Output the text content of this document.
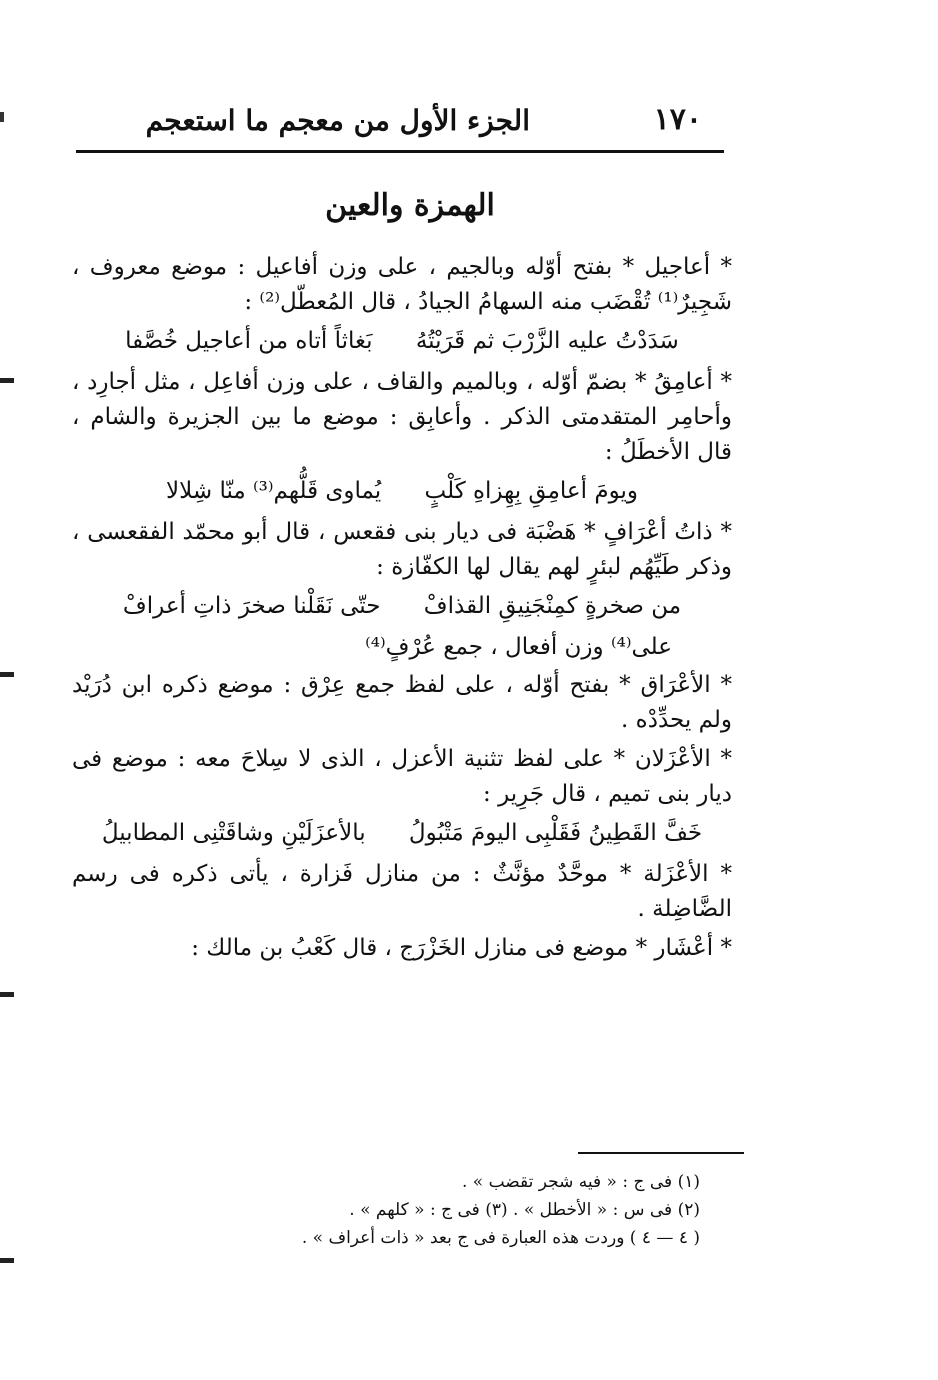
١٧٠
الجزء الأول من معجم ما استعجم
الهمزة والعين

* أعاجيل * بفتح أوّله وبالجيم ، على وزن أفاعيل : موضع معروف ، شَجِيرٌ⁽¹⁾ تُقْضَب منه السهامُ الجيادُ ، قال المُعطّل⁽²⁾ :

سَدَدْتُ عليه الزَّرْبَ ثم قَرَيْتُهُ بَغاثاً أتاه من أعاجيل خُصَّفا

* أعامِقُ * بضمّ أوّله ، وبالميم والقاف ، على وزن أفاعِل ، مثل أجارِد ، وأحامِر المتقدمتى الذكر . وأعابِق : موضع ما بين الجزيرة والشام ، قال الأخطَلُ :

ويومَ أعامِقِ بِهِزاهِ كَلْبٍ يُماوى قَلُّهم⁽³⁾ منّا شِلالا

* ذاتُ أعْرَافٍ * هَضْبَة فى ديار بنى فقعس ، قال أبو محمّد الفقعسى ، وذكر طَيِّهُم لبئرٍ لهم يقال لها الكفّازة :

من صخرةٍ كمِنْجَنِيقِ القذافْ حتّى نَقَلْنا صخرَ ذاتِ أعرافْ

على⁽⁴⁾ وزن أفعال ، جمع عُرْفٍ⁽⁴⁾

* الأعْرَاق * بفتح أوّله ، على لفظ جمع عِرْق : موضع ذكره ابن دُرَيْد ولم يحدِّدْه .

* الأعْزَلان * على لفظ تثنية الأعزل ، الذى لا سِلاحَ معه : موضع فى ديار بنى تميم ، قال جَرِير :

خَفَّ القَطِينُ فَقَلْبِى اليومَ مَتْبُولُ بالأعزَلَيْنِ وشاقَتْنِى المطابيلُ

* الأعْزَلة * موحَّدٌ مؤنَّثٌ : من منازل فَزارة ، يأتى ذكره فى رسم الضَّاضِلة .

* أعْشَار * موضع فى منازل الخَزْرَج ، قال كَعْبُ بن مالك :

(١) فى ج : « فيه شجر تقضب » .
(٢) فى س : « الأخطل » . (٣) فى ج : « كلهم » .
( ٤ — ٤ ) وردت هذه العبارة فى ج بعد « ذات أعراف » .
